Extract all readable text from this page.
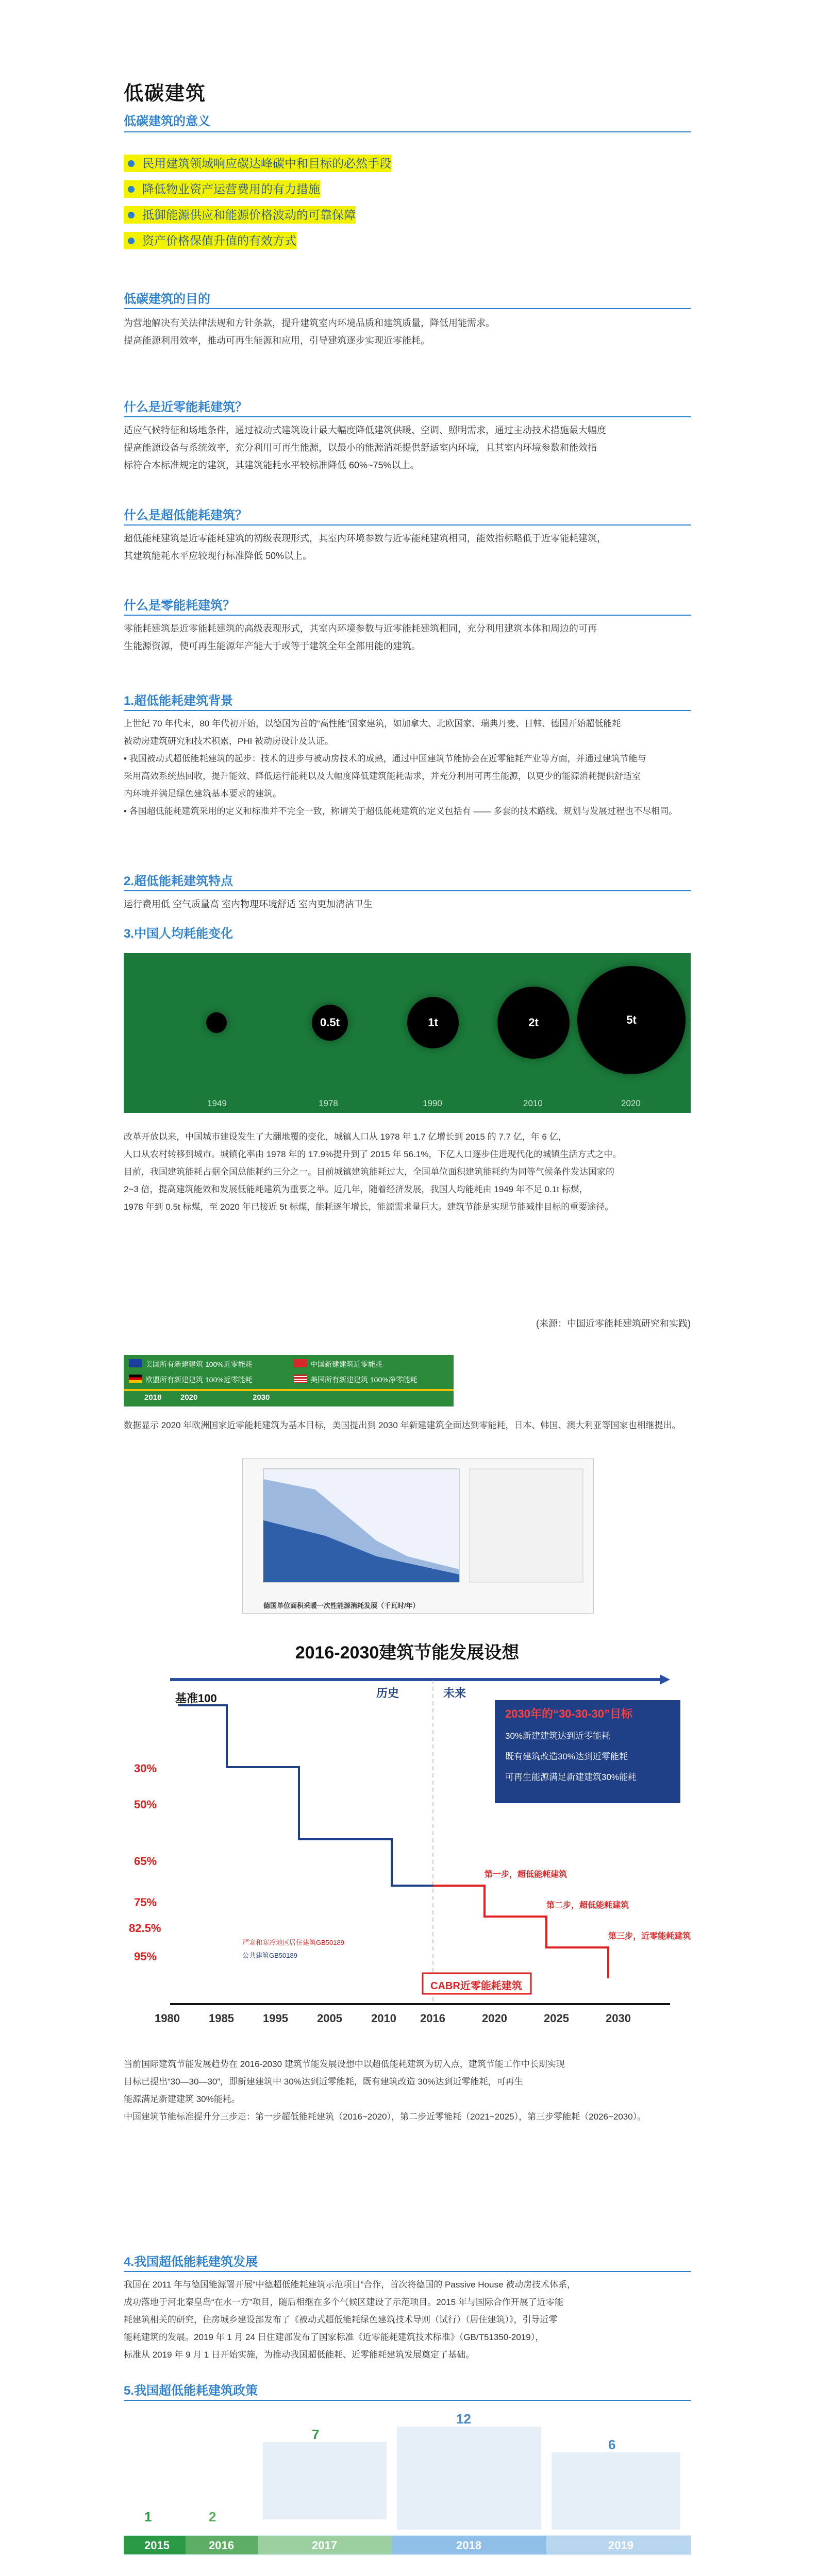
低碳建筑
低碳建筑的意义
民用建筑领域响应碳达峰碳中和目标的必然手段
降低物业资产运营费用的有力措施
抵御能源供应和能源价格波动的可靠保障
资产价格保值升值的有效方式
低碳建筑的目的
为营地解决有关法律法规和方针条款，提升建筑室内环境品质和建筑质量，降低用能需求。
提高能源利用效率，推动可再生能源和应用，引导建筑逐步实现近零能耗。
什么是近零能耗建筑？
适应气候特征和场地条件，通过被动式建筑设计最大幅度降低建筑供暖、空调、照明需求，通过主动技术措施最大幅度
提高能源设备与系统效率，充分利用可再生能源，以最小的能源消耗提供舒适室内环境，且其室内环境参数和能效指
标符合本标准规定的建筑，其建筑能耗水平较标准降低 60%~75%以上。
什么是超低能耗建筑？
超低能耗建筑是近零能耗建筑的初级表现形式，其室内环境参数与近零能耗建筑相同，能效指标略低于近零能耗建筑，
其建筑能耗水平应较现行标准降低 50%以上。
什么是零能耗建筑？
零能耗建筑是近零能耗建筑的高级表现形式，其室内环境参数与近零能耗建筑相同，充分利用建筑本体和周边的可再
生能源资源，使可再生能源年产能大于或等于建筑全年全部用能的建筑。
1.超低能耗建筑背景
上世纪 70 年代末，80 年代初开始，以德国为首的“高性能”国家建筑，如加拿大、北欧国家、瑞典丹麦、日韩、德国开始超低能耗
被动房建筑研究和技术积累，PHI 被动房设计及认证。
• 我国被动式超低能耗建筑的起步：技术的进步与被动房技术的成熟，通过中国建筑节能协会在近零能耗产业等方面，并通过建筑节能与
采用高效系统热回收，提升能效、降低运行能耗以及大幅度降低建筑能耗需求，并充分利用可再生能源，以更少的能源消耗提供舒适室
内环境并满足绿色建筑基本要求的建筑。
• 各国超低能耗建筑采用的定义和标准并不完全一致，称谓关于超低能耗建筑的定义包括有 —— 多套的技术路线、规划与发展过程也不尽相同。
2.超低能耗建筑特点
运行费用低 空气质量高 室内物理环境舒适 室内更加清洁卫生
3.中国人均耗能变化
0.5t	1t	2t	5t
1949	1978	1990	2010	2020
改革开放以来，中国城市建设发生了大翻地覆的变化，城镇人口从 1978 年 1.7 亿增长到 2015 的 7.7 亿，年 6 亿，
人口从农村转移到城市。城镇化率由 1978 年的 17.9%提升到了 2015 年 56.1%，下亿人口逐步住进现代化的城镇生活方式之中。
目前，我国建筑能耗占据全国总能耗约三分之一。目前城镇建筑能耗过大，全国单位面积建筑能耗约为同等气候条件发达国家的
2~3 倍，提高建筑能效和发展低能耗建筑为重要之举。近几年，随着经济发展，我国人均能耗由 1949 年不足 0.1t 标煤，
1978 年到 0.5t 标煤，至 2020 年已接近 5t 标煤，能耗逐年增长，能源需求量巨大。建筑节能是实现节能减排目标的重要途径。
(来源：中国近零能耗建筑研究和实践)
美国所有新建建筑 100%近零能耗	中国新建建筑近零能耗
欧盟所有新建建筑 100%近零能耗	美国所有新建建筑 100%净零能耗
2018 2020	2030
数据显示 2020 年欧洲国家近零能耗建筑为基本目标，美国提出到 2030 年新建建筑全面达到零能耗，日本、韩国、澳大利亚等国家也相继提出。
德国单位面积采暖一次性能源消耗发展（千瓦时/年）
2016-2030建筑节能发展设想
历史	未来
基准100
2030年的“30-30-30”目标
30%新建建筑达到近零能耗
既有建筑改造30%达到近零能耗
可再生能源满足新建建筑30%能耗
第一步，超低能耗建筑
第二步，超低能耗建筑
第三步，近零能耗建筑
30%
50%
65%
75%
82.5%
95%
CABR近零能耗建筑
严寒和寒冷地区居住建筑GB50189
公共建筑GB50189
1980	1985	1995	2005	2010 2016	2020	2025	2030
当前国际建筑节能发展趋势在 2016-2030 建筑节能发展设想中以超低能耗建筑为切入点，建筑节能工作中长期实现
目标已提出“30—30—30”，即新建建筑中 30%达到近零能耗，既有建筑改造 30%达到近零能耗，可再生
能源满足新建建筑 30%能耗。
中国建筑节能标准提升分三步走：第一步超低能耗建筑（2016~2020），第二步近零能耗（2021~2025），第三步零能耗（2026~2030）。
4.我国超低能耗建筑发展
我国在 2011 年与德国能源署开展“中德超低能耗建筑示范项目”合作，首次将德国的 Passive House 被动房技术体系，
成功落地于河北秦皇岛“在水一方”项目，随后相继在多个气候区建设了示范项目。2015 年与国际合作开展了近零能
耗建筑相关的研究，住房城乡建设部发布了《被动式超低能耗绿色建筑技术导则（试行）（居住建筑）》，引导近零
能耗建筑的发展。2019 年 1 月 24 日住建部发布了国家标准《近零能耗建筑技术标准》（GB/T51350-2019），
标准从 2019 年 9 月 1 日开始实施，为推动我国超低能耗、近零能耗建筑发展奠定了基础。
5.我国超低能耗建筑政策
2015	2016	2017	2018	2019
1	2
7
12
6
